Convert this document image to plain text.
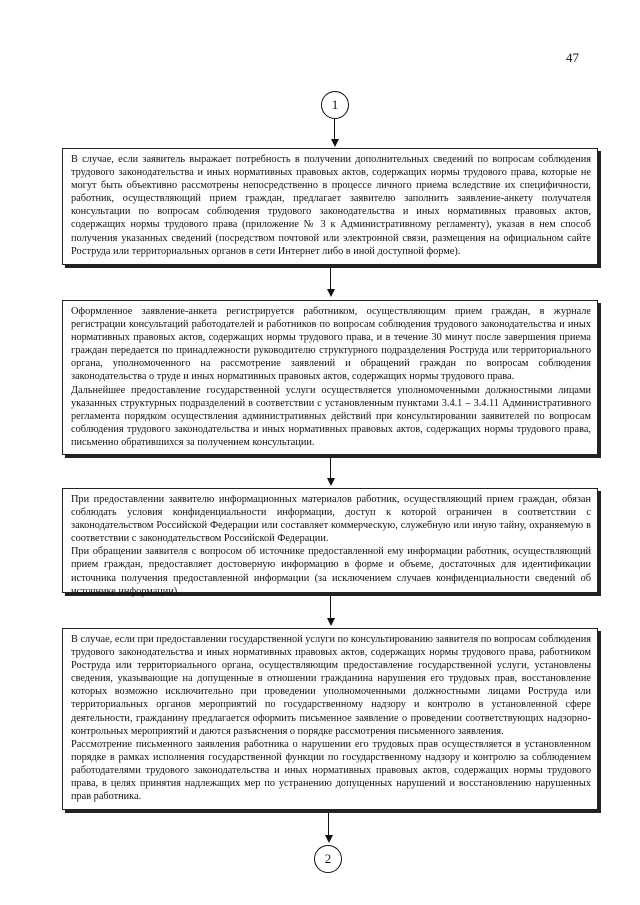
47
1

В случае, если заявитель выражает потребность в получении дополнительных сведений по вопросам соблюдения трудового законодательства и иных нормативных правовых актов, содержащих нормы трудового права, которые не могут быть объективно рассмотрены непосредственно в процессе личного приема вследствие их специфичности, работник, осуществляющий прием граждан, предлагает заявителю заполнить заявление-анкету получателя консультации по вопросам соблюдения трудового законодательства и иных нормативных правовых актов, содержащих нормы трудового права (приложение № 3 к Административному регламенту), указав в нем способ получения указанных сведений (посредством почтовой или электронной связи, размещения на официальном сайте Роструда или территориальных органов в сети Интернет либо в иной доступной форме).

Оформленное заявление-анкета регистрируется работником, осуществляющим прием граждан, в журнале регистрации консультаций работодателей и работников по вопросам соблюдения трудового законодательства и иных нормативных правовых актов, содержащих нормы трудового права, и в течение 30 минут после завершения приема граждан передается по принадлежности руководителю структурного подразделения Роструда или территориального органа, уполномоченного на рассмотрение заявлений и обращений граждан по вопросам соблюдения законодательства о труде и иных нормативных правовых актов, содержащих нормы трудового права.

Дальнейшее предоставление государственной услуги осуществляется уполномоченными должностными лицами указанных структурных подразделений в соответствии с установленным пунктами 3.4.1 – 3.4.11 Административного регламента порядком осуществления административных действий при консультировании заявителей по вопросам соблюдения трудового законодательства и иных нормативных правовых актов, содержащих нормы трудового права, письменно обратившихся за получением консультации.

При предоставлении заявителю информационных материалов работник, осуществляющий прием граждан, обязан соблюдать условия конфиденциальности информации, доступ к которой ограничен в соответствии с законодательством Российской Федерации или составляет коммерческую, служебную или иную тайну, охраняемую в соответствии с законодательством Российской Федерации.

При обращении заявителя с вопросом об источнике предоставленной ему информации работник, осуществляющий прием граждан, предоставляет достоверную информацию в форме и объеме, достаточных для идентификации источника получения предоставленной информации (за исключением случаев конфиденциальности сведений об источнике информации).

В случае, если при предоставлении государственной услуги по консультированию заявителя по вопросам соблюдения трудового законодательства и иных нормативных правовых актов, содержащих нормы трудового права, работником Роструда или территориального органа, осуществляющим предоставление государственной услуги, установлены сведения, указывающие на допущенные в отношении гражданина нарушения его трудовых прав, восстановление которых возможно исключительно при проведении уполномоченными должностными лицами Роструда или территориальных органов мероприятий по государственному надзору и контролю в установленной сфере деятельности, гражданину предлагается оформить письменное заявление о проведении соответствующих надзорно-контрольных мероприятий и даются разъяснения о порядке рассмотрения письменного заявления.

Рассмотрение письменного заявления работника о нарушении его трудовых прав осуществляется в установленном порядке в рамках исполнения государственной функции по государственному надзору и контролю за соблюдением работодателями трудового законодательства и иных нормативных правовых актов, содержащих нормы трудового права, в целях принятия надлежащих мер по устранению допущенных нарушений и восстановлению нарушенных прав работника.

2
